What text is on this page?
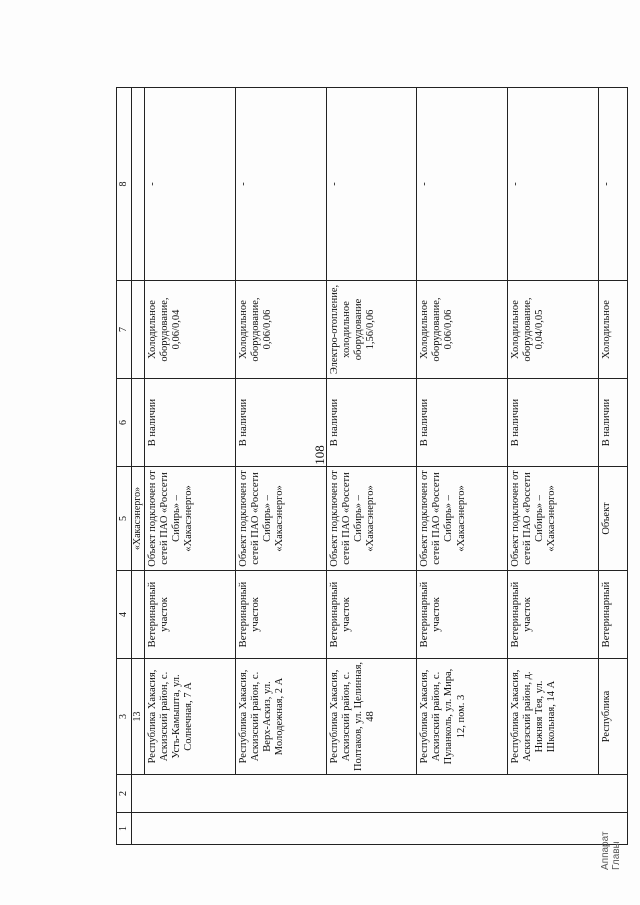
108
1	2	3	4	5	6	7	8
		13		«Хакасэнерго»			
		Республика Хакасия, Аскизский район, с. Усть-Камышта, ул. Солнечная, 7 А	Ветеринарный участок	Объект подключен от сетей ПАО «Россети Сибирь» – «Хакасэнерго»	В наличии	Холодильное оборудование, 0,06/0,04	-
		Республика Хакасия, Аскизский район, с. Верх-Аскиз, ул. Молодежная, 2 А	Ветеринарный участок	Объект подключен от сетей ПАО «Россети Сибирь» – «Хакасэнерго»	В наличии	Холодильное оборудование, 0,06/0,06	-
		Республика Хакасия, Аскизский район, с. Полтаков, ул. Целинная, 48	Ветеринарный участок	Объект подключен от сетей ПАО «Россети Сибирь» – «Хакасэнерго»	В наличии	Электро-отопление, холодильное оборудование 1,56/0,06	-
		Республика Хакасия, Аскизский район, с. Пуланколь, ул. Мира, 12, пом. 3	Ветеринарный участок	Объект подключен от сетей ПАО «Россети Сибирь» – «Хакасэнерго»	В наличии	Холодильное оборудование, 0,06/0,06	-
		Республика Хакасия, Аскизский район, д. Нижняя Тея, ул. Школьная, 14 А	Ветеринарный участок	Объект подключен от сетей ПАО «Россети Сибирь» – «Хакасэнерго»	В наличии	Холодильное оборудование, 0,04/0,05	-
		Республика	Ветеринарный	Объект	В наличии	Холодильное	-
Аппарат Главы
